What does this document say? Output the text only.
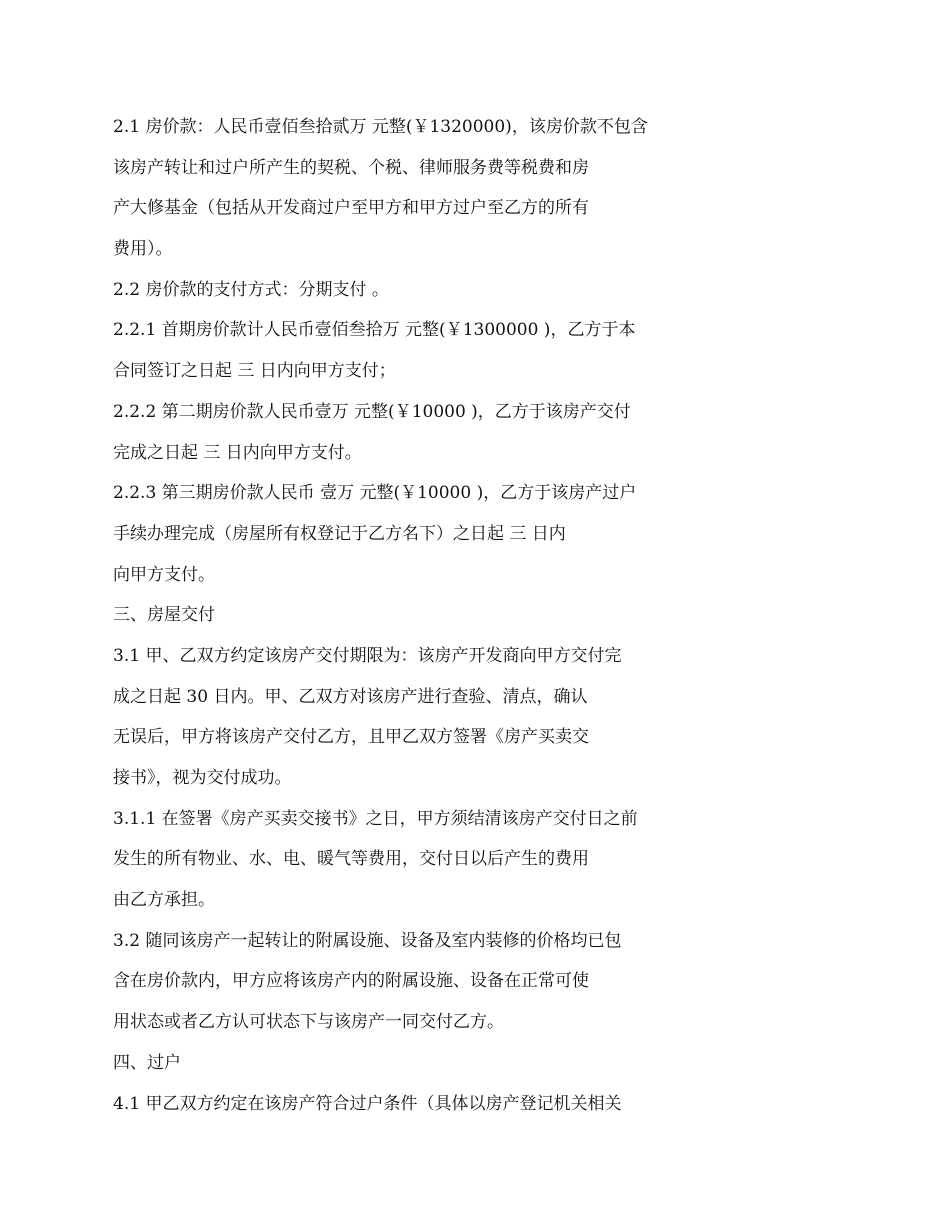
2.1 房价款：人民币壹佰叁拾贰万 元整(￥1320000)，该房价款不包含
该房产转让和过户所产生的契税、个税、律师服务费等税费和房
产大修基金（包括从开发商过户至甲方和甲方过户至乙方的所有
费用）。
2.2 房价款的支付方式：分期支付 。
2.2.1 首期房价款计人民币壹佰叁拾万 元整(￥1300000 )，乙方于本
合同签订之日起 三 日内向甲方支付；
2.2.2 第二期房价款人民币壹万 元整(￥10000 )，乙方于该房产交付
完成之日起 三 日内向甲方支付。
2.2.3 第三期房价款人民币 壹万 元整(￥10000 )，乙方于该房产过户
手续办理完成（房屋所有权登记于乙方名下）之日起 三 日内
向甲方支付。
三、房屋交付
3.1 甲、乙双方约定该房产交付期限为：该房产开发商向甲方交付完
成之日起 30 日内。甲、乙双方对该房产进行查验、清点，确认
无误后，甲方将该房产交付乙方，且甲乙双方签署《房产买卖交
接书》，视为交付成功。
3.1.1 在签署《房产买卖交接书》之日，甲方须结清该房产交付日之前
发生的所有物业、水、电、暖气等费用，交付日以后产生的费用
由乙方承担。
3.2 随同该房产一起转让的附属设施、设备及室内装修的价格均已包
含在房价款内，甲方应将该房产内的附属设施、设备在正常可使
用状态或者乙方认可状态下与该房产一同交付乙方。
四、过户
4.1 甲乙双方约定在该房产符合过户条件（具体以房产登记机关相关
